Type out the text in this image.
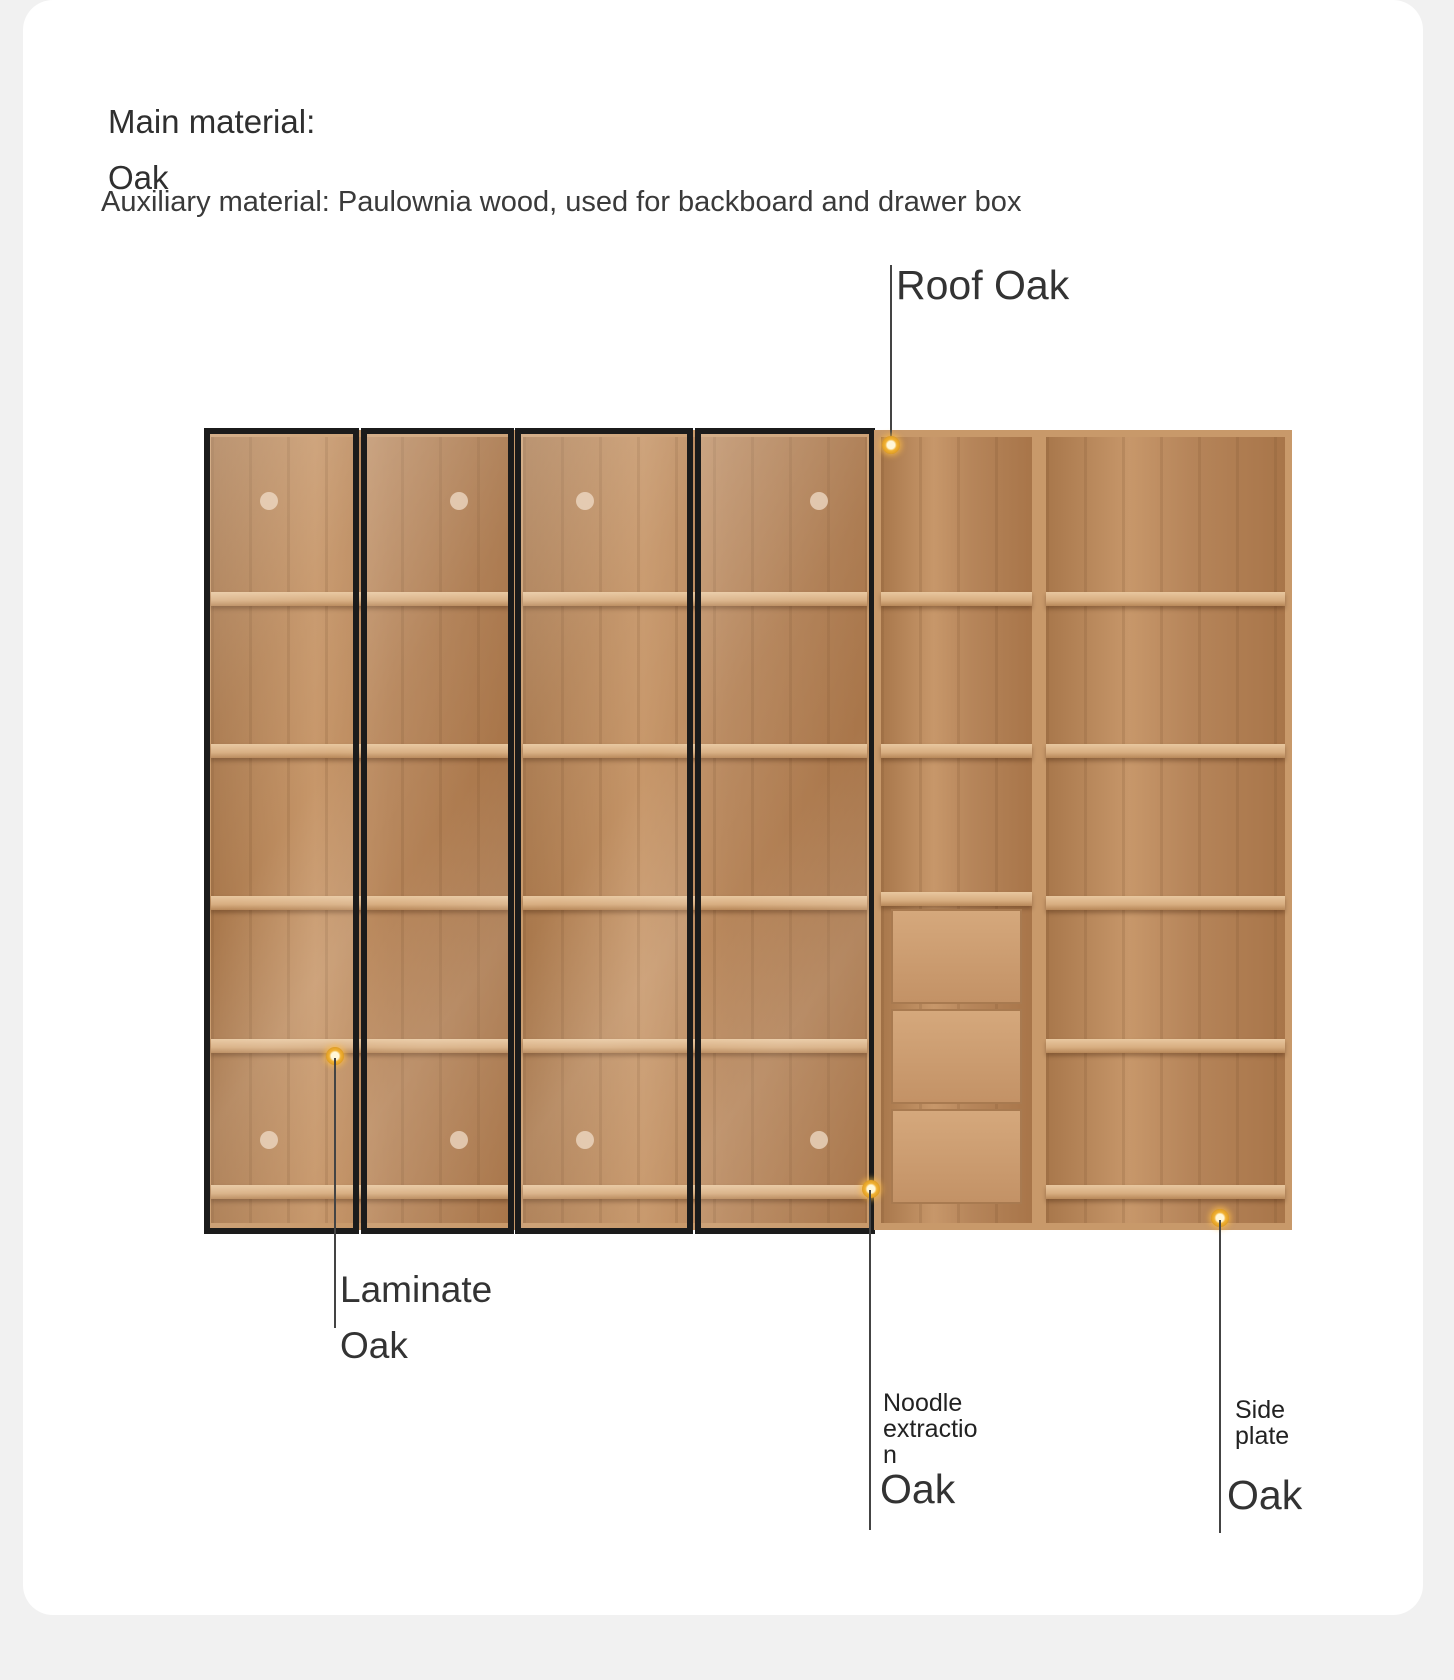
Main material:
Oak
Auxiliary material: Paulownia wood, used for backboard and drawer box
Roof Oak
Laminate
Oak
Noodle extractio n
Oak
Side plate
Oak
